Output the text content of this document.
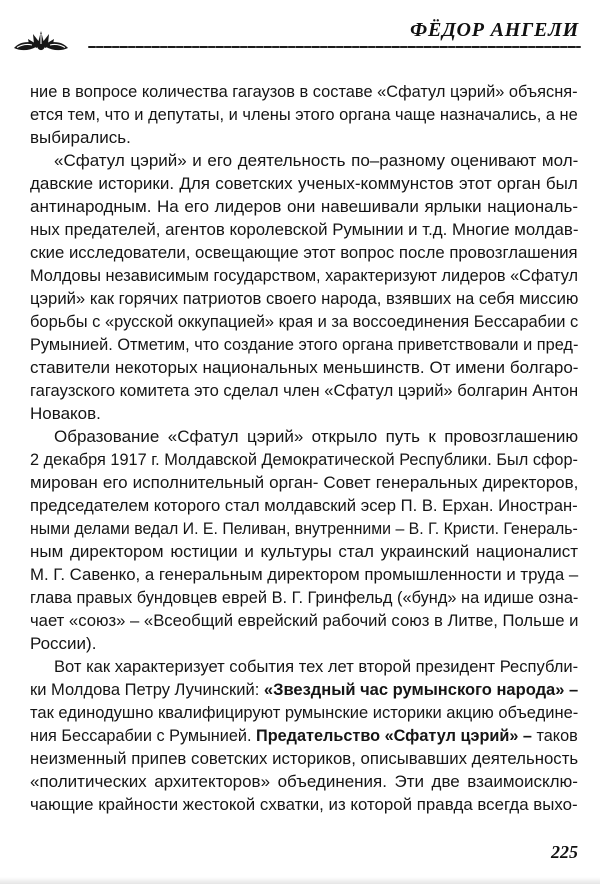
ФЁДОР АНГЕЛИ
ние в вопросе количества гагаузов в составе «Сфатул цэрий» объясня-
ется тем, что и депутаты, и члены этого органа чаще назначались, а не
выбирались.
«Сфатул цэрий» и его деятельность по–разному оценивают мол-
давские историки. Для советских ученых-коммунстов этот орган был
антинародным. На его лидеров они навешивали ярлыки националь-
ных предателей, агентов королевской Румынии и т.д. Многие молдав-
ские исследователи, освещающие этот вопрос после провозглашения
Молдовы независимым государством, характеризуют лидеров «Сфатул
цэрий» как горячих патриотов своего народа, взявших на себя миссию
борьбы с «русской оккупацией» края и за воссоединения Бессарабии с
Румынией. Отметим, что создание этого органа приветствовали и пред-
ставители некоторых национальных меньшинств. От имени болгаро-
гагаузского комитета это сделал член «Сфатул цэрий» болгарин Антон
Новаков.
Образование «Сфатул цэрий» открыло путь к провозглашению
2 декабря 1917 г. Молдавской Демократической Республики. Был сфор-
мирован его исполнительный орган- Совет генеральных директоров,
председателем которого стал молдавский эсер П. В. Ерхан. Иностран-
ными делами ведал И. Е. Пеливан, внутренними – В. Г. Кристи. Генераль-
ным директором юстиции и культуры стал украинский националист
М. Г. Савенко, а генеральным директором промышленности и труда –
глава правых бундовцев еврей В. Г. Гринфельд («бунд» на идише озна-
чает «союз» – «Всеобщий еврейский рабочий союз в Литве, Польше и
России).
Вот как характеризует события тех лет второй президент Республи-
ки Молдова Петру Лучинский: «Звездный час румынского народа» –
так единодушно квалифицируют румынские историки акцию объедине-
ния Бессарабии с Румынией. Предательство «Сфатул цэрий» – таков
неизменный припев советских историков, описывавших деятельность
«политических архитекторов» объединения. Эти две взаимоисклю-
чающие крайности жестокой схватки, из которой правда всегда выхо-
225
